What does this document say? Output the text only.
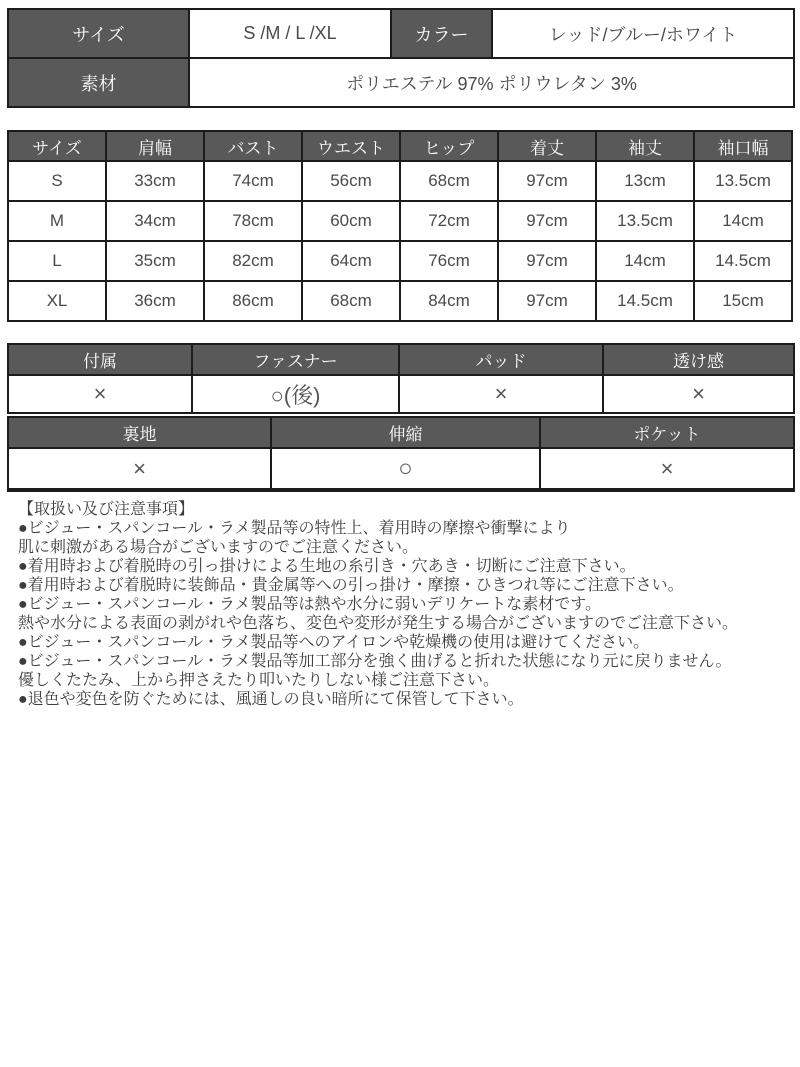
サイズ	S /M / L /XL	カラー	レッド/ブルー/ホワイト
素材	ポリエステル 97% ポリウレタン 3%		
サイズ	肩幅	バスト	ウエスト	ヒップ	着丈	袖丈	袖口幅
S	33cm	74cm	56cm	68cm	97cm	13cm	13.5cm
M	34cm	78cm	60cm	72cm	97cm	13.5cm	14cm
L	35cm	82cm	64cm	76cm	97cm	14cm	14.5cm
XL	36cm	86cm	68cm	84cm	97cm	14.5cm	15cm
付属	ファスナー	パッド	透け感
×	○(後)	×	×
裏地	伸縮	ポケット
×	○	×
【取扱い及び注意事項】
●ビジュー・スパンコール・ラメ製品等の特性上、着用時の摩擦や衝撃により
肌に刺激がある場合がございますのでご注意ください。
●着用時および着脱時の引っ掛けによる生地の糸引き・穴あき・切断にご注意下さい。
●着用時および着脱時に装飾品・貴金属等への引っ掛け・摩擦・ひきつれ等にご注意下さい。
●ビジュー・スパンコール・ラメ製品等は熱や水分に弱いデリケートな素材です。
熱や水分による表面の剥がれや色落ち、変色や変形が発生する場合がございますのでご注意下さい。
●ビジュー・スパンコール・ラメ製品等へのアイロンや乾燥機の使用は避けてください。
●ビジュー・スパンコール・ラメ製品等加工部分を強く曲げると折れた状態になり元に戻りません。
優しくたたみ、上から押さえたり叩いたりしない様ご注意下さい。
●退色や変色を防ぐためには、風通しの良い暗所にて保管して下さい。
